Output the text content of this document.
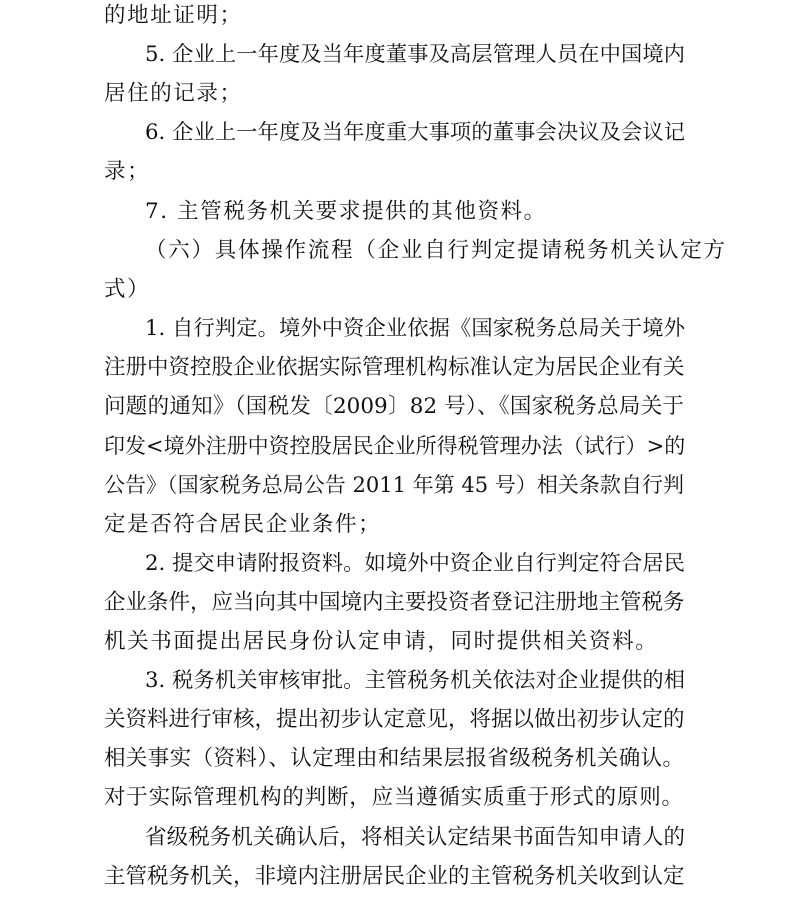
的地址证明；
5. 企业上一年度及当年度董事及高层管理人员在中国境内
居住的记录；
6. 企业上一年度及当年度重大事项的董事会决议及会议记
录；
7. 主管税务机关要求提供的其他资料。
（六）具体操作流程（企业自行判定提请税务机关认定方
式）
1. 自行判定。境外中资企业依据《国家税务总局关于境外
注册中资控股企业依据实际管理机构标准认定为居民企业有关
问题的通知》（国税发〔2009〕82 号）、《国家税务总局关于
印发<境外注册中资控股居民企业所得税管理办法（试行）>的
公告》（国家税务总局公告 2011 年第 45 号）相关条款自行判
定是否符合居民企业条件；
2. 提交申请附报资料。如境外中资企业自行判定符合居民
企业条件，应当向其中国境内主要投资者登记注册地主管税务
机关书面提出居民身份认定申请，同时提供相关资料。
3. 税务机关审核审批。主管税务机关依法对企业提供的相
关资料进行审核，提出初步认定意见，将据以做出初步认定的
相关事实（资料）、认定理由和结果层报省级税务机关确认。
对于实际管理机构的判断，应当遵循实质重于形式的原则。
省级税务机关确认后，将相关认定结果书面告知申请人的
主管税务机关，非境内注册居民企业的主管税务机关收到认定
